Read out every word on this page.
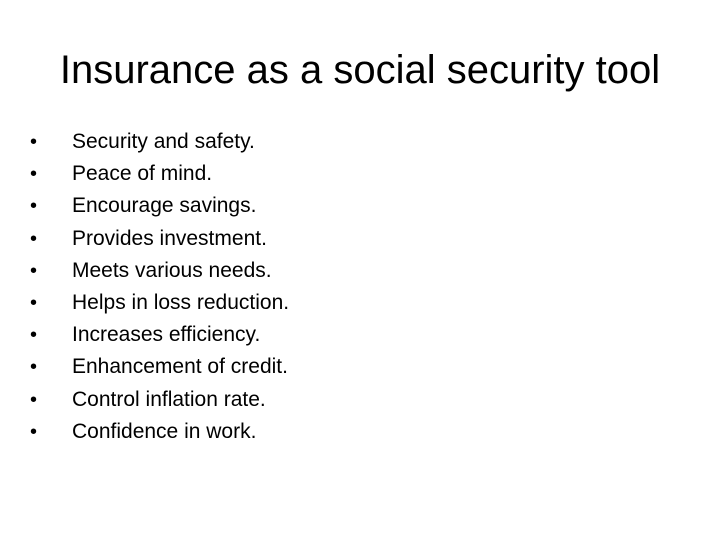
Insurance as a social security tool
•	Security and safety.
•	Peace of mind.
•	Encourage savings.
•	Provides investment.
•	Meets various needs.
•	Helps in loss reduction.
•	Increases efficiency.
•	Enhancement of credit.
•	Control inflation rate.
•	Confidence in work.
